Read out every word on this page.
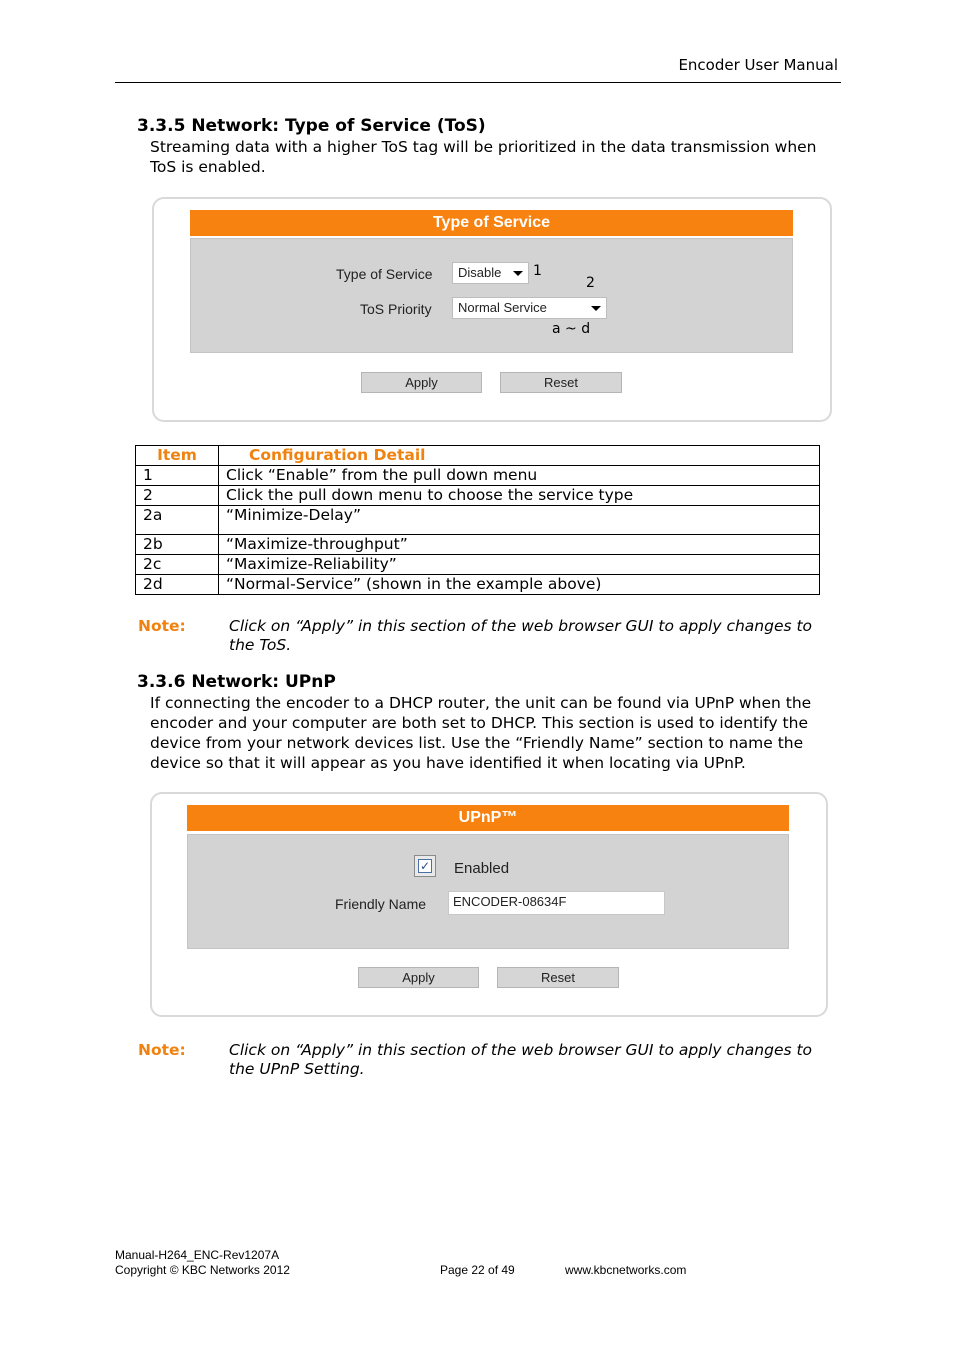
Encoder User Manual
3.3.5 Network: Type of Service (ToS)
Streaming data with a higher ToS tag will be prioritized in the data transmission when ToS is enabled.
Type of Service
Type of Service	Disable	1
2
ToS Priority	Normal Service
a ~ d
Apply	Reset
Item	Configuration Detail
1	Click “Enable” from the pull down menu
2	Click the pull down menu to choose the service type
2a	“Minimize-Delay”
2b	“Maximize-throughput”
2c	“Maximize-Reliability”
2d	“Normal-Service” (shown in the example above)
Note:	Click on “Apply” in this section of the web browser GUI to apply changes to the ToS.
3.3.6 Network: UPnP
If connecting the encoder to a DHCP router, the unit can be found via UPnP when the encoder and your computer are both set to DHCP. This section is used to identify the device from your network devices list. Use the “Friendly Name” section to name the device so that it will appear as you have identified it when locating via UPnP.
UPnP™
✓ Enabled
Friendly Name	ENCODER-08634F
Apply	Reset
Note:	Click on “Apply” in this section of the web browser GUI to apply changes to the UPnP Setting.
Manual-H264_ENC-Rev1207A
Copyright © KBC Networks 2012	Page 22 of 49	www.kbcnetworks.com
